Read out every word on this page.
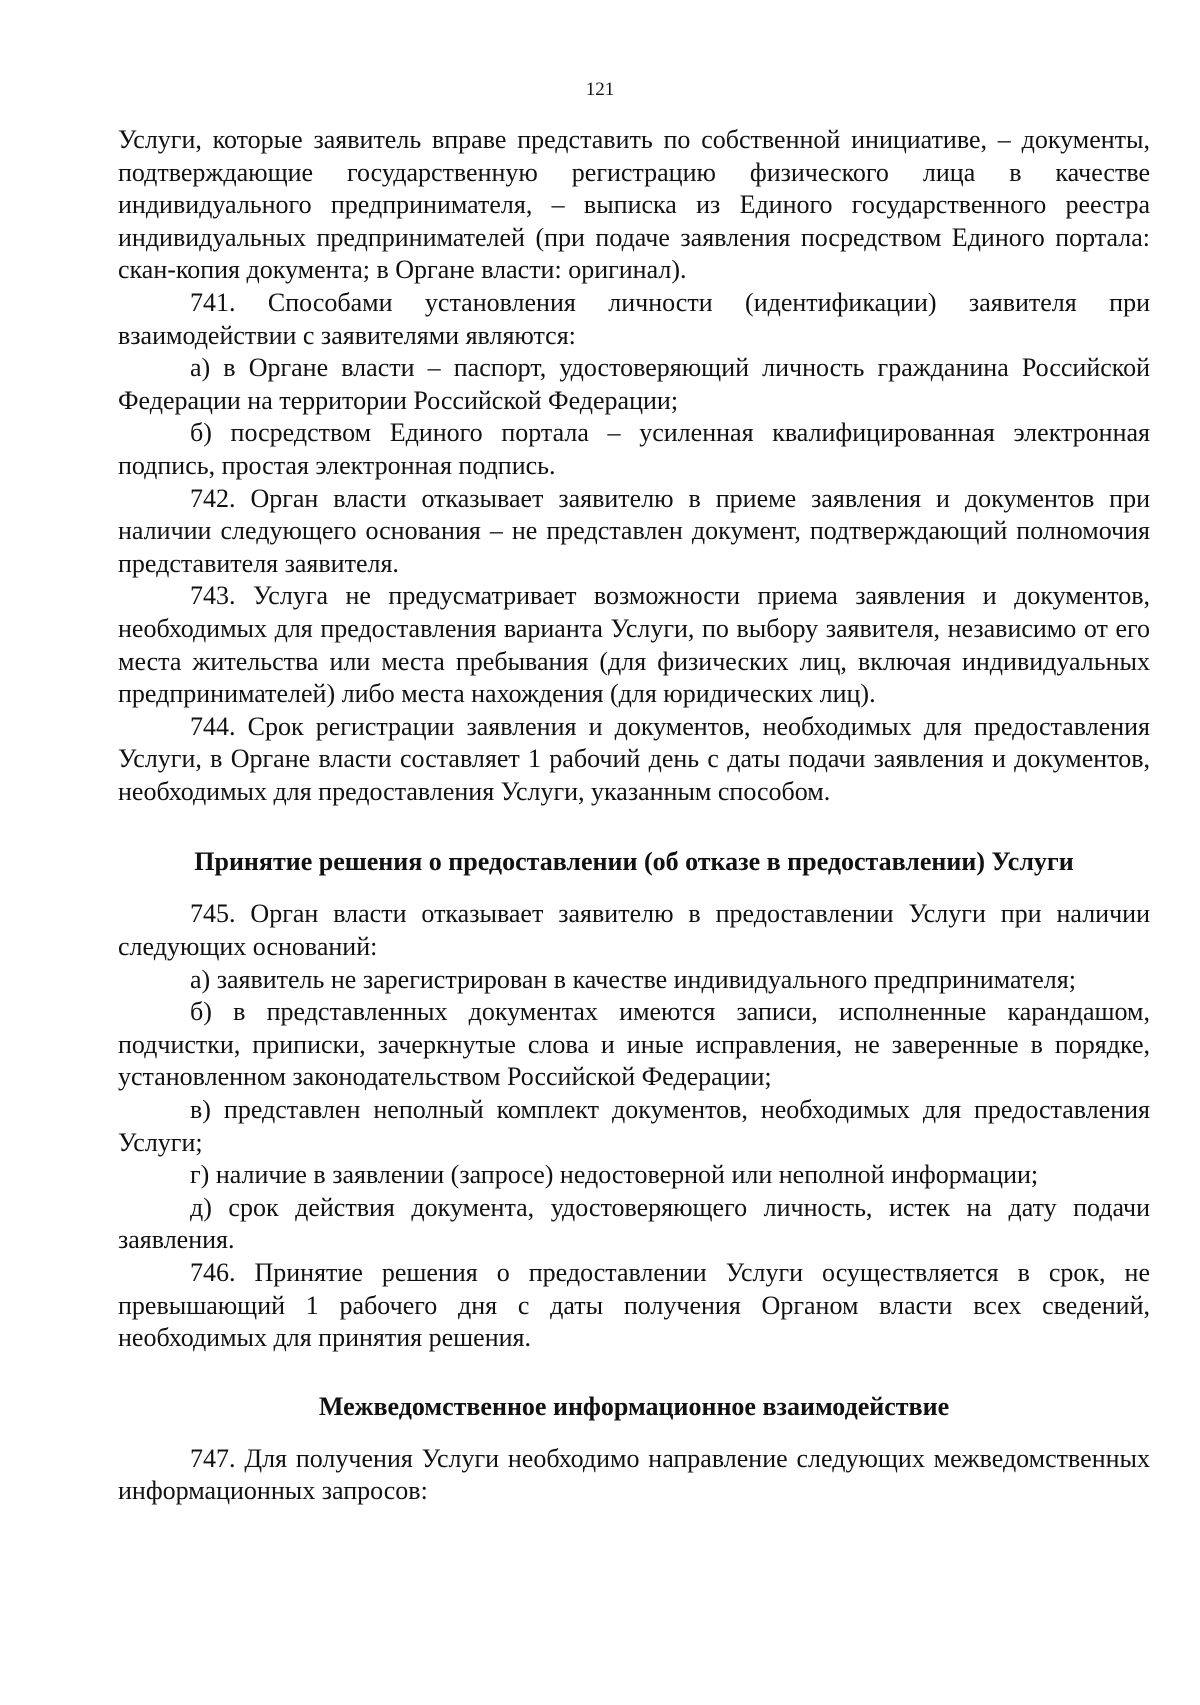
121

Услуги, которые заявитель вправе представить по собственной инициативе, – документы, подтверждающие государственную регистрацию физического лица в качестве индивидуального предпринимателя, – выписка из Единого государственного реестра индивидуальных предпринимателей (при подаче заявления посредством Единого портала: скан-копия документа; в Органе власти: оригинал).

741. Способами установления личности (идентификации) заявителя при взаимодействии с заявителями являются:

а) в Органе власти – паспорт, удостоверяющий личность гражданина Российской Федерации на территории Российской Федерации;

б) посредством Единого портала – усиленная квалифицированная электронная подпись, простая электронная подпись.

742. Орган власти отказывает заявителю в приеме заявления и документов при наличии следующего основания – не представлен документ, подтверждающий полномочия представителя заявителя.

743. Услуга не предусматривает возможности приема заявления и документов, необходимых для предоставления варианта Услуги, по выбору заявителя, независимо от его места жительства или места пребывания (для физических лиц, включая индивидуальных предпринимателей) либо места нахождения (для юридических лиц).

744. Срок регистрации заявления и документов, необходимых для предоставления Услуги, в Органе власти составляет 1 рабочий день с даты подачи заявления и документов, необходимых для предоставления Услуги, указанным способом.

Принятие решения о предоставлении (об отказе в предоставлении) Услуги

745. Орган власти отказывает заявителю в предоставлении Услуги при наличии следующих оснований:

а) заявитель не зарегистрирован в качестве индивидуального предпринимателя;

б) в представленных документах имеются записи, исполненные карандашом, подчистки, приписки, зачеркнутые слова и иные исправления, не заверенные в порядке, установленном законодательством Российской Федерации;

в) представлен неполный комплект документов, необходимых для предоставления Услуги;

г) наличие в заявлении (запросе) недостоверной или неполной информации;

д) срок действия документа, удостоверяющего личность, истек на дату подачи заявления.

746. Принятие решения о предоставлении Услуги осуществляется в срок, не превышающий 1 рабочего дня с даты получения Органом власти всех сведений, необходимых для принятия решения.

Межведомственное информационное взаимодействие

747. Для получения Услуги необходимо направление следующих межведомственных информационных запросов:
